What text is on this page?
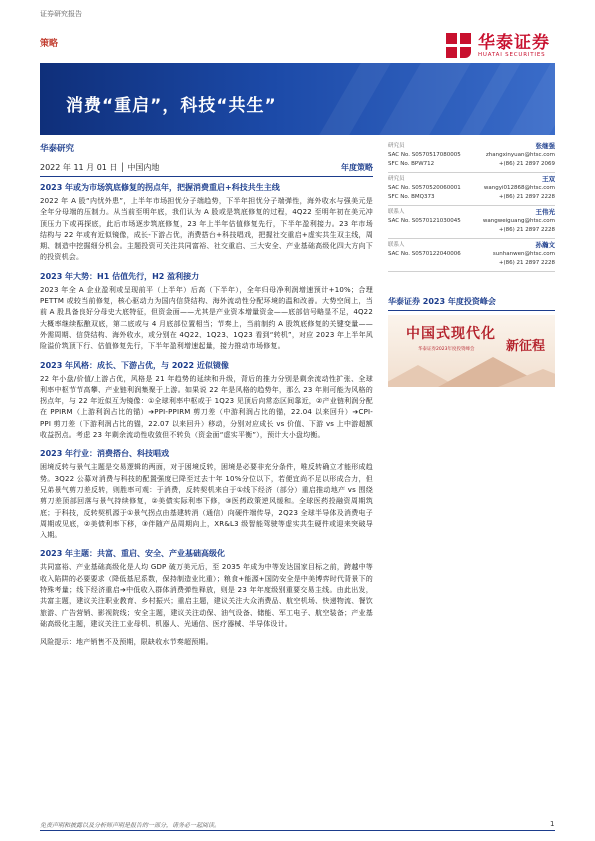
证券研究报告
策略	华泰证券
HUATAI SECURITIES
消费“重启”，科技“共生”
华泰研究
2022 年 11 月 01 日 │ 中国内地	年度策略
2023 年或为市场筑底修复的拐点年，把握消费重启+科技共生主线
2022 年 A 股“内忧外患”，上半年市场担忧分子端趋势，下半年担忧分子端弹性，海外收水与强美元是全年分母端的压制力。从当前至明年底，我们认为 A 股或是筑底修复的过程，4Q22 至明年初在美元冲顶压力下或再探底，此后市场逐步筑底修复，23 年上半年估值修复先行，下半年盈利接力。23 年市场结构与 22 年或有近似镜像，成长-下游占优，消费搭台+科技唱戏，把握社交重启+虚实共生双主线，周期、制造中挖掘细分机会。主题投资可关注共同富裕、社交重启、三大安全、产业基础高级化四大方向下的投资机会。
2023 年大势：H1 估值先行，H2 盈利接力
2023 年全 A 企业盈利或呈现前平（上半年）后高（下半年），全年归母净利润增速预计+10%；合理 PETTM 或较当前修复，核心驱动力为国内信贷结构、海外流动性分配环境的温和改善。大势空间上，当前 A 股具备良好分母史大底特征，但资金面——尤其是产业资本增量资金——底部信号略显不足，4Q22 大概率继续酝酿双底，第二底或与 4 月底部位置相当；节奏上，当前制约 A 股筑底修复的关键变量——外需周期、信贷结构、海外收水，或分别在 4Q22、1Q23、1Q23 看到“转机”，对应 2023 年上半年风险溢价筑顶下行、估值修复先行，下半年盈利增速起量，接力推动市场修复。
2023 年风格：成长、下游占优，与 2022 近似镜像
22 年小盘/价值/上游占优，风格是 21 年趋势的延续和升级，背后的推力分别是剩余流动性扩张、全球利率中枢节节高攀、产业链利润集聚于上游。如果说 22 年是风格的趋势年，那么 23 年则可能为风格的拐点年，与 22 年近似互为镜像：①全球利率中枢或于 1Q23 见顶后向常态区间靠近，②产业链利润分配在 PPIRM（上游利润占比的锚）➔PPI-PPIRM 剪刀差（中游利润占比的锚，22.04 以来回升）➔CPI-PPI 剪刀差（下游利润占比的锚，22.07 以来回升）移动，分别对应成长 vs 价值、下游 vs 上中游超额收益拐点。考虑 23 年剩余流动性收敛但不转负（资金面“虚实平衡”），预计大小盘均衡。
2023 年行业：消费搭台、科技唱戏
困境反转与景气主题是交易逻辑的两面，对于困境反转，困境是必要非充分条件，唯反转确立才能形成趋势。3Q22 公募对消费与科技的配置强度已降至过去十年 10%分位以下，若便宜尚不足以形成合力，但兄弟景气剪刀差反转，则胜率可观：于消费，反转契机来自于①线下经济（部分）重启推动地产 vs 围绕剪刀差顶部回落与景气持续修复，②美债实际利率下修，③医药政策逆风缓和。全球医药投融资周期筑底；于科技，反转契机源于①景气拐点由基建转消（通信）向硬件端传导，2Q23 全球半导体及消费电子周期或见底，②美债利率下移，③伴随产品周期向上，XR&L3 级智能驾驶等虚实共生硬件或迎来突破导入期。
2023 年主题：共富、重启、安全、产业基础高级化
共同富裕、产业基础高级化是人均 GDP 破万美元后，至 2035 年成为中等发达国家目标之前，跨越中等收入陷阱的必要要求（降低基尼系数，保持制造业比重）；粮食+能源+国防安全是中美博弈时代背景下的特殊考量；线下经济重启➔中低收入群体消费弹性释放，则是 23 年年度级别重要交易主线。由此出发，共富主题，建议关注职业教育、乡村振兴；重启主题，建议关注大众消费品、航空机场、快递物流、餐饮旅游、广告营销、影视院线；安全主题，建议关注动保、油气设备、储能、军工电子、航空装备；产业基础高级化主题，建议关注工业母机、机器人、光通信、医疗器械、半导体设计。
风险提示：地产销售不及预期，限缺收水节奏超预期。
研究员	张继强
SAC No. S0570517080005	zhangxinyuan@htsc.com
SFC No. BPW712	+(86) 21 2897 2069
研究员	王双
SAC No. S0570520060001	wangyi012868@htsc.com
SFC No. BMQ373	+(86) 21 2897 2228
联系人	王伟光
SAC No. S0570121030045	wangweiguang@htsc.com
+(86) 21 2897 2228
联系人	孙瀚文
SAC No. S0570122040006	sunhanwen@htsc.com
+(86) 21 2897 2228
华泰证券 2023 年度投资峰会
中国式现代化
华泰证券2023年度投资峰会 新征程
免责声明和披露以及分析师声明是报告的一部分，请务必一起阅读。	1
